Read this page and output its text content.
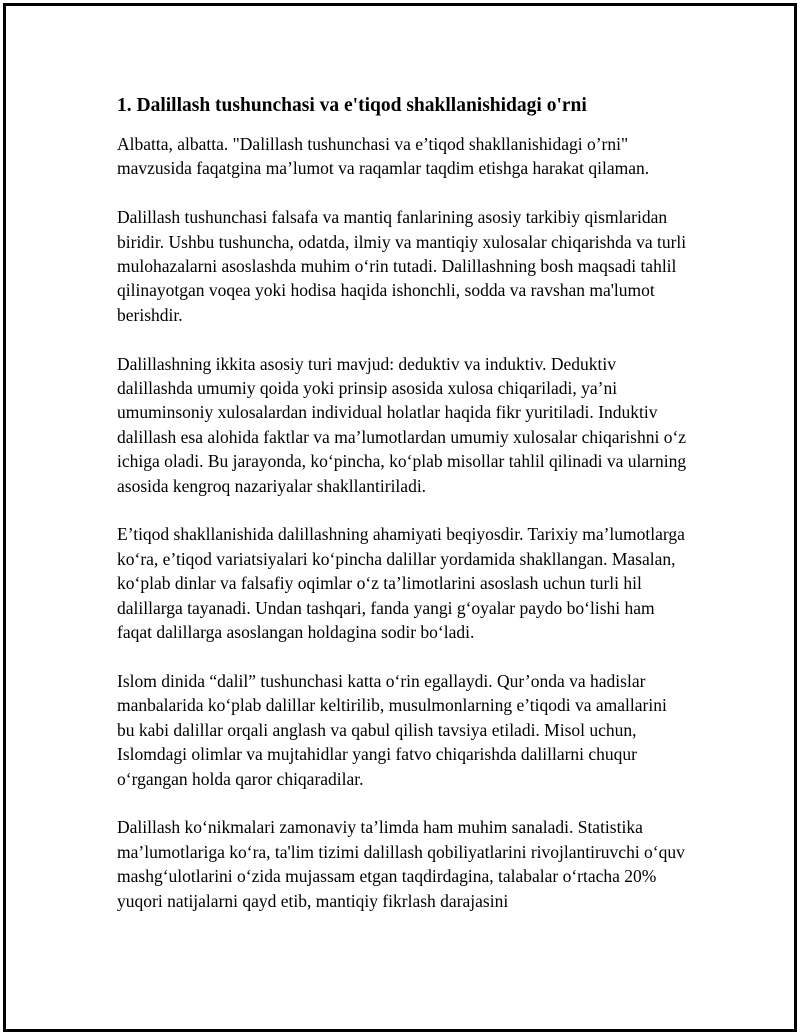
1. Dalillash tushunchasi va e'tiqod shakllanishidagi o'rni

Albatta, albatta. "Dalillash tushunchasi va e’tiqod shakllanishidagi o’rni" mavzusida faqatgina ma’lumot va raqamlar taqdim etishga harakat qilaman.

Dalillash tushunchasi falsafa va mantiq fanlarining asosiy tarkibiy qismlaridan biridir. Ushbu tushuncha, odatda, ilmiy va mantiqiy xulosalar chiqarishda va turli mulohazalarni asoslashda muhim o‘rin tutadi. Dalillashning bosh maqsadi tahlil qilinayotgan voqea yoki hodisa haqida ishonchli, sodda va ravshan ma'lumot berishdir.

Dalillashning ikkita asosiy turi mavjud: deduktiv va induktiv. Deduktiv dalillashda umumiy qoida yoki prinsip asosida xulosa chiqariladi, ya’ni umuminsoniy xulosalardan individual holatlar haqida fikr yuritiladi. Induktiv dalillash esa alohida faktlar va ma’lumotlardan umumiy xulosalar chiqarishni o‘z ichiga oladi. Bu jarayonda, ko‘pincha, ko‘plab misollar tahlil qilinadi va ularning asosida kengroq nazariyalar shakllantiriladi.

E’tiqod shakllanishida dalillashning ahamiyati beqiyosdir. Tarixiy ma’lumotlarga ko‘ra, e’tiqod variatsiyalari ko‘pincha dalillar yordamida shakllangan. Masalan, ko‘plab dinlar va falsafiy oqimlar o‘z ta’limotlarini asoslash uchun turli hil dalillarga tayanadi. Undan tashqari, fanda yangi g‘oyalar paydo bo‘lishi ham faqat dalillarga asoslangan holdagina sodir bo‘ladi.

Islom dinida “dalil” tushunchasi katta o‘rin egallaydi. Qur’onda va hadislar manbalarida ko‘plab dalillar keltirilib, musulmonlarning e’tiqodi va amallarini bu kabi dalillar orqali anglash va qabul qilish tavsiya etiladi. Misol uchun, Islomdagi olimlar va mujtahidlar yangi fatvo chiqarishda dalillarni chuqur o‘rgangan holda qaror chiqaradilar.

Dalillash ko‘nikmalari zamonaviy ta’limda ham muhim sanaladi. Statistika ma’lumotlariga ko‘ra, ta'lim tizimi dalillash qobiliyatlarini rivojlantiruvchi o‘quv mashg‘ulotlarini o‘zida mujassam etgan taqdirdagina, talabalar o‘rtacha 20% yuqori natijalarni qayd etib, mantiqiy fikrlash darajasini
